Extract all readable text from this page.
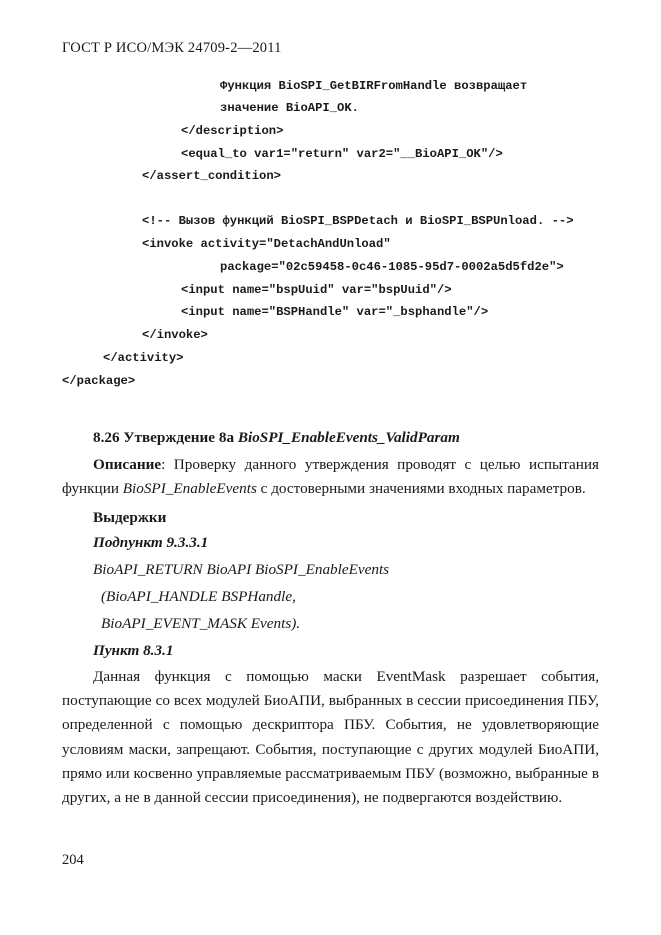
ГОСТ Р ИСО/МЭК 24709-2—2011
Функция BioSPI_GetBIRFromHandle возвращает
значение BioAPI_OK.
</description>
<equal_to var1="return" var2="__BioAPI_OK"/>
</assert_condition>
<!-- Вызов функций BioSPI_BSPDetach и BioSPI_BSPUnload. -->
<invoke activity="DetachAndUnload"
package="02c59458-0c46-1085-95d7-0002a5d5fd2e">
<input name="bspUuid" var="bspUuid"/>
<input name="BSPHandle" var="_bsphandle"/>
</invoke>
</activity>
</package>
8.26 Утверждение 8а BioSPI_EnableEvents_ValidParam
Описание: Проверку данного утверждения проводят с целью испытания функции BioSPI_EnableEvents с достоверными значениями входных параметров.
Выдержки
Подпункт 9.3.3.1
BioAPI_RETURN BioAPI BioSPI_EnableEvents
(BioAPI_HANDLE BSPHandle,
BioAPI_EVENT_MASK Events).
Пункт 8.3.1
Данная функция с помощью маски EventMask разрешает события, поступающие со всех модулей БиоАПИ, выбранных в сессии присоединения ПБУ, определенной с помощью дескриптора ПБУ. События, не удовлетворяющие условиям маски, запрещают. События, поступающие с других модулей БиоАПИ, прямо или косвенно управляемые рассматриваемым ПБУ (возможно, выбранные в других, а не в данной сессии присоединения), не подвергаются воздействию.
204
